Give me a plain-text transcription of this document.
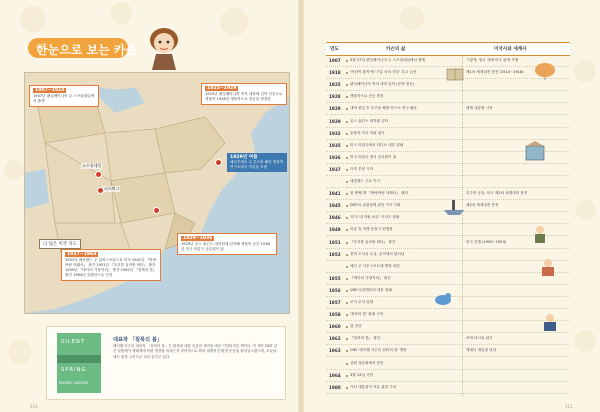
한눈으로 보는 카슨
스프링데일
피츠버그
1907~1924
1907년 펜실베이니아 주 스프링데일에서 출생
1925~1929
1925년 펜실베이니아 여자 대학에 입학 전공으로 생물학 1928년 생물학으로 전공을 변경함
1929년 여름
매사추세츠 주 우즈홀 해양 생물학 연구소에서 여름을 보냄
1929~1936
1929년 존스 홉킨스 대학원에 입학해 생물학 공부 1936년 미국 어업국 공무원이 됨
1937~1964
1937년 메릴랜드 주 실버스프링으로 이사 1941년 『바닷바람 아래서』 출간 1951년 『우리를 둘러싼 바다』 출간 1955년 『바다의 가장자리』 출간 1962년 『침묵의 봄』 출간 1964년 유방암으로 사망
더 넓은 미국 지도
SILENT
SPRING
RACHEL CARSON
대표작 「침묵의 봄」
레이첼 카슨의 대표작 「침묵의 봄」은 환경에 대한 인류의 생각을 바꾼 기념비적인 책이다. 이 책은 DDT 같은 살충제가 생태계에 어떤 영향을 미치는지 과학적으로 밝혀 세계적인 환경 운동을 불러일으켰으며, 오늘날에도 환경 고전으로 널리 읽히고 있다.
110
연도	카슨의 삶	미국사와 세계사
1907	5월 27일 펜실베이니아 주 스프링데일에서 출생	그렇게, 영국 지배 미국 관세 시행
1918	'어린이 잡지'에 '구름 속의 전투' 투고 입선	제1차 세계대전 종전 (1914~1918)
1925	펜실베이니아 여자 대학 입학 (문학 전공)
1928	생물학으로 전공 변경
1929	대학 졸업 후 우즈홀 해양 연구소 연구 활동	세계 대공황 시작
1929	존스 홉킨스 대학원 입학
1932	동물학 석사 학위 취득
1935	미국 어업국에서 라디오 대본 집필
1936	미국 어업국 정식 공무원이 됨
1937	가족 부양 시작
메릴랜드 주로 이사
1941	첫 번째 책 『바닷바람 아래서』 출간	진주만 공습, 미국 제2차 세계대전 참전
1945	DDT의 위험성에 관한 기사 기획	제2차 세계대전 종전
1946	'미국 내 자원 보존' 시리즈 집필
1949	어류 및 야생 동물국 편집장
1951	『우리를 둘러싼 바다』 출간	한국 전쟁 (1950~1953)
1952	전미 도서상 수상, 공직에서 물러남
메인 주 사우스포트에 별장 마련
1955	『바다의 가장자리』 출간
1956	CBS 다큐멘터리 대본 집필
1957	조카 로저 입양
1958	'침묵의 봄' 집필 시작
1960	암 진단
1962	『침묵의 봄』 출간	쿠바 미사일 위기
1963	CBS '레이첼 카슨의 침묵의 봄' 방영	케네디 대통령 암살
상원 청문회에서 증언
1964	4월 14일 사망
1980	카터 대통령이 자유 훈장 추서
111
